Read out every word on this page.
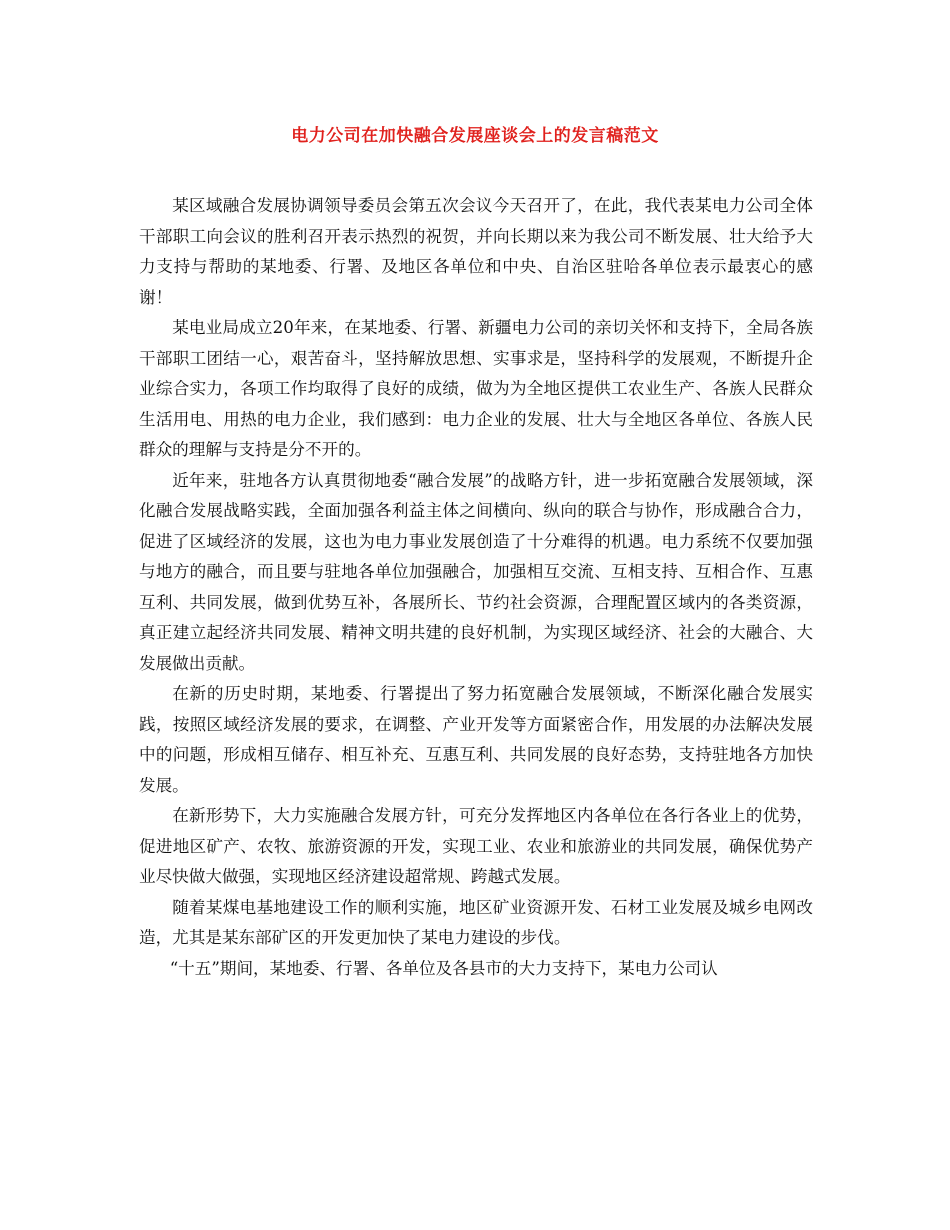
电力公司在加快融合发展座谈会上的发言稿范文

某区域融合发展协调领导委员会第五次会议今天召开了，在此，我代表某电力公司全体干部职工向会议的胜利召开表示热烈的祝贺，并向长期以来为我公司不断发展、壮大给予大力支持与帮助的某地委、行署、及地区各单位和中央、自治区驻哈各单位表示最衷心的感谢！

某电业局成立20年来，在某地委、行署、新疆电力公司的亲切关怀和支持下，全局各族干部职工团结一心，艰苦奋斗，坚持解放思想、实事求是，坚持科学的发展观，不断提升企业综合实力，各项工作均取得了良好的成绩，做为为全地区提供工农业生产、各族人民群众生活用电、用热的电力企业，我们感到：电力企业的发展、壮大与全地区各单位、各族人民群众的理解与支持是分不开的。

近年来，驻地各方认真贯彻地委“融合发展”的战略方针，进一步拓宽融合发展领域，深化融合发展战略实践，全面加强各利益主体之间横向、纵向的联合与协作，形成融合合力，促进了区域经济的发展，这也为电力事业发展创造了十分难得的机遇。电力系统不仅要加强与地方的融合，而且要与驻地各单位加强融合，加强相互交流、互相支持、互相合作、互惠互利、共同发展，做到优势互补，各展所长、节约社会资源，合理配置区域内的各类资源，真正建立起经济共同发展、精神文明共建的良好机制，为实现区域经济、社会的大融合、大发展做出贡献。

在新的历史时期，某地委、行署提出了努力拓宽融合发展领域，不断深化融合发展实践，按照区域经济发展的要求，在调整、产业开发等方面紧密合作，用发展的办法解决发展中的问题，形成相互储存、相互补充、互惠互利、共同发展的良好态势，支持驻地各方加快发展。

在新形势下，大力实施融合发展方针，可充分发挥地区内各单位在各行各业上的优势，促进地区矿产、农牧、旅游资源的开发，实现工业、农业和旅游业的共同发展，确保优势产业尽快做大做强，实现地区经济建设超常规、跨越式发展。

随着某煤电基地建设工作的顺利实施，地区矿业资源开发、石材工业发展及城乡电网改造，尤其是某东部矿区的开发更加快了某电力建设的步伐。

“十五”期间，某地委、行署、各单位及各县市的大力支持下，某电力公司认
